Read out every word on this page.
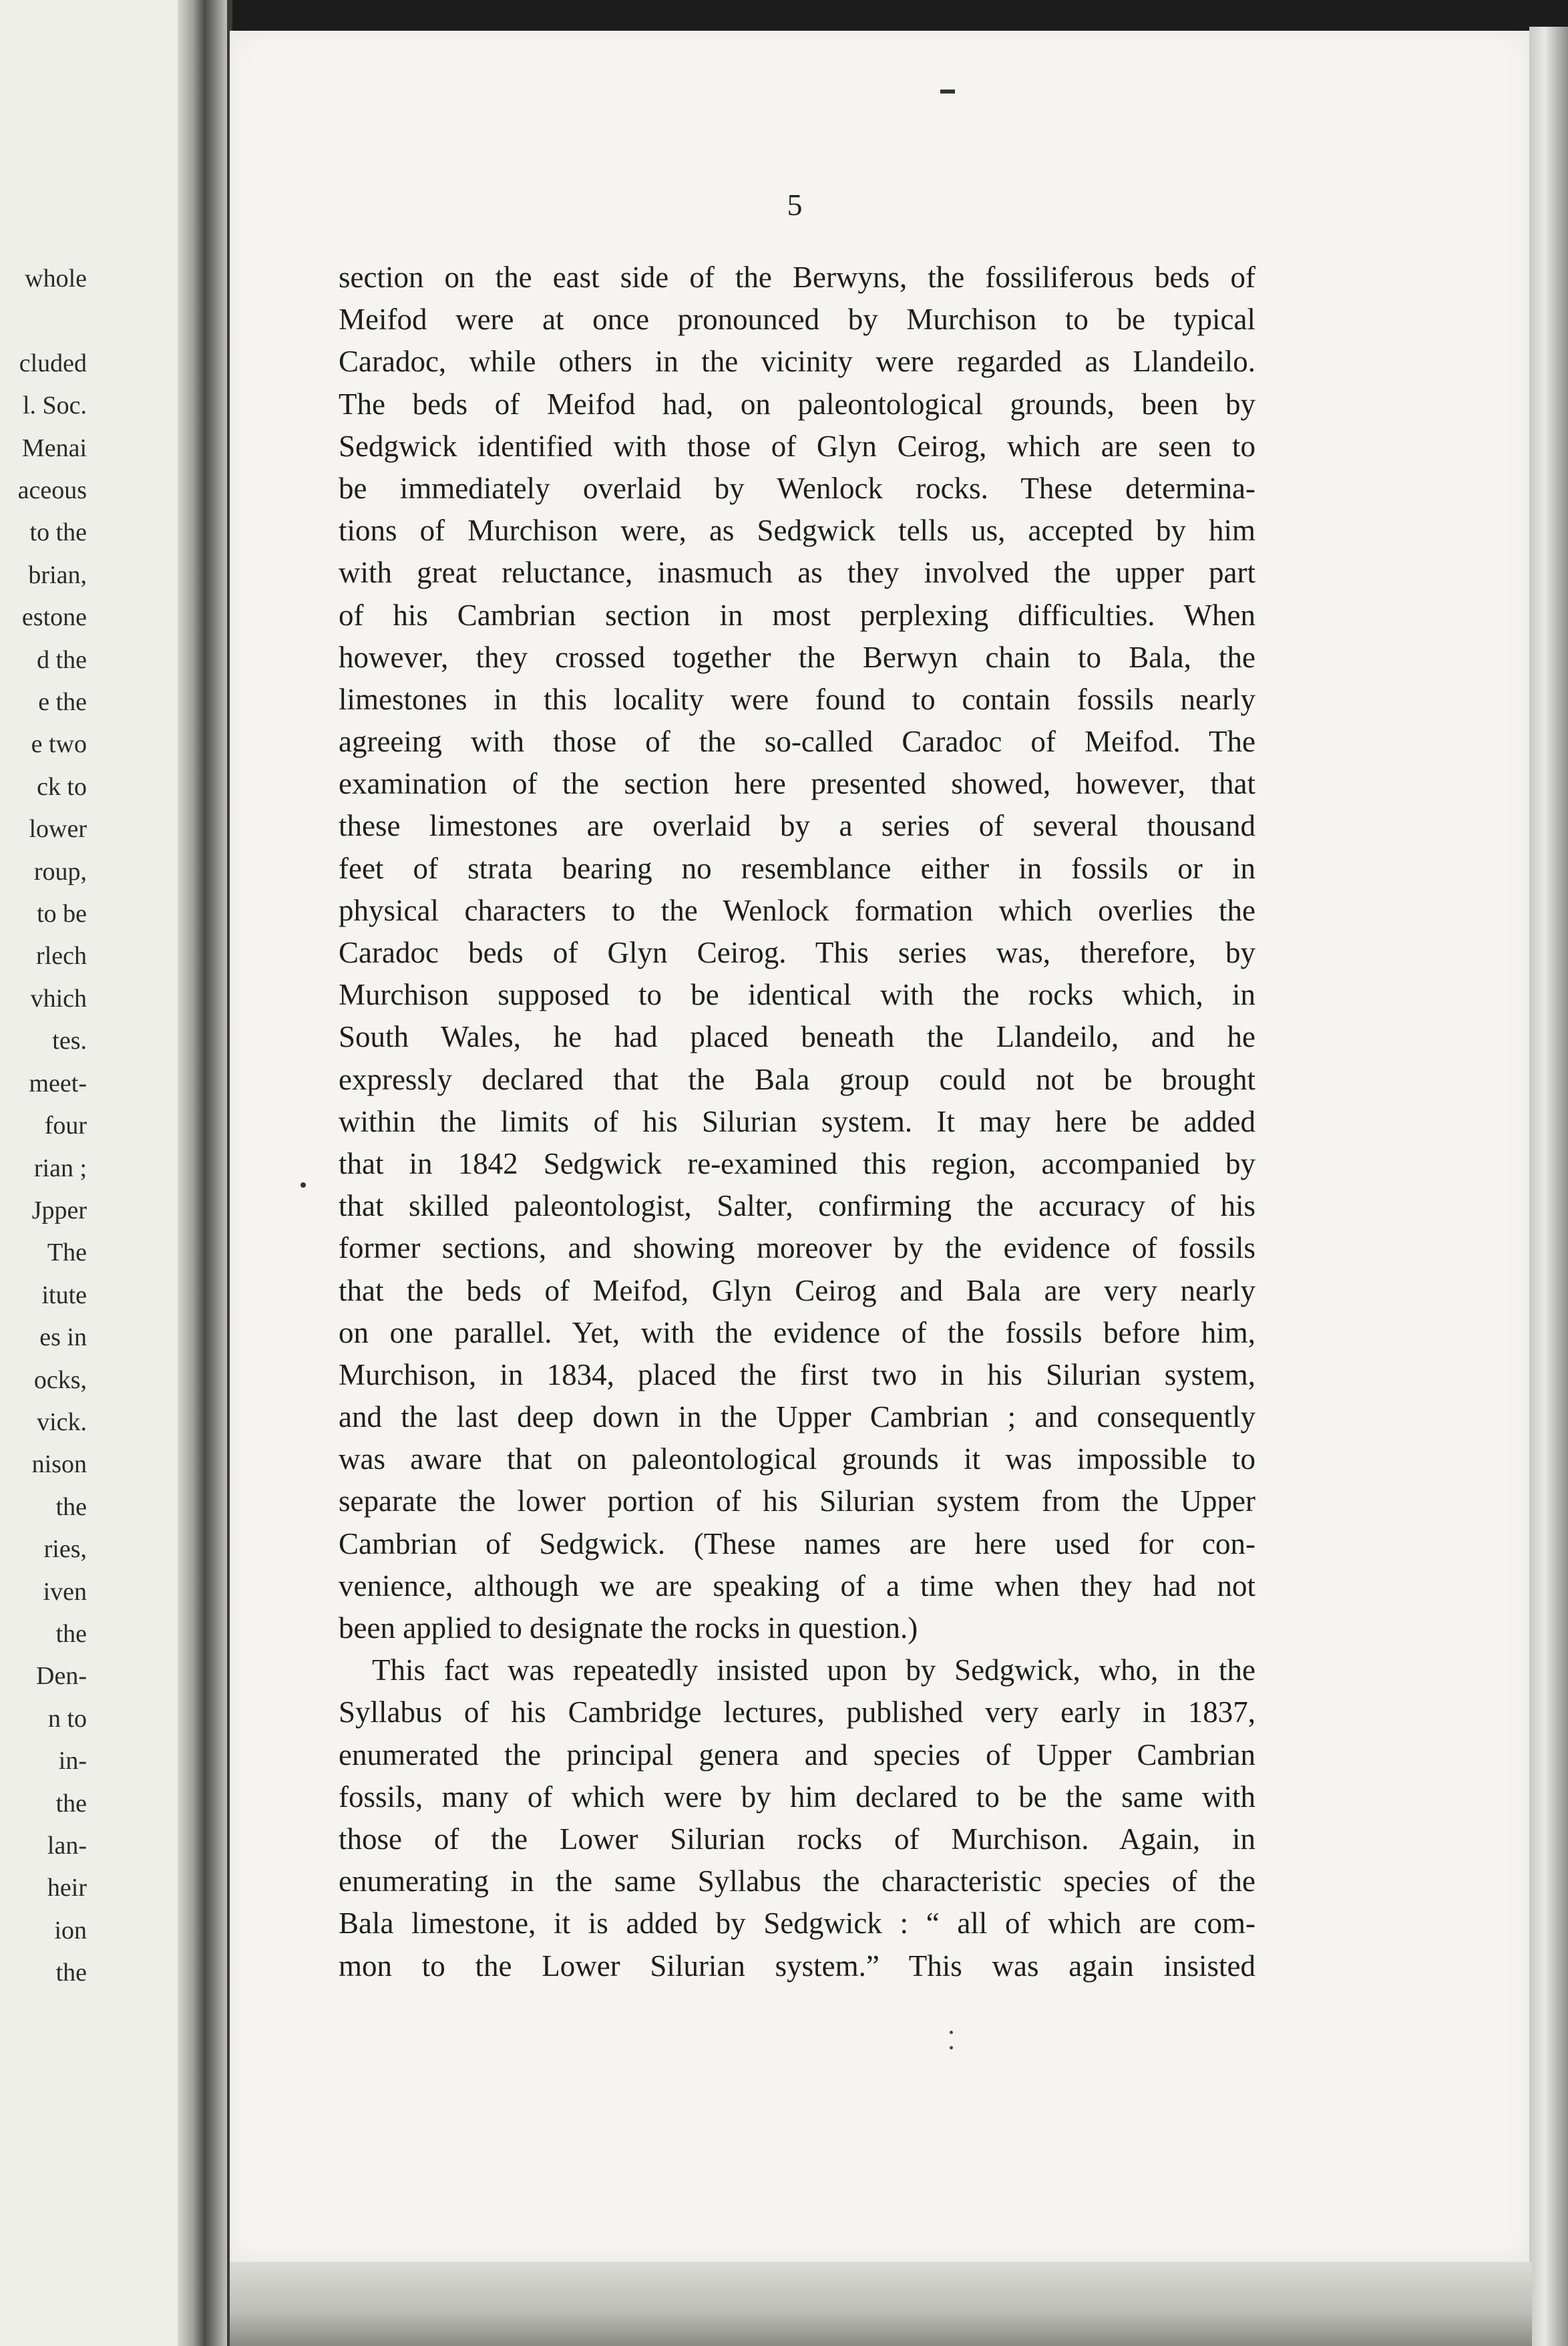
whole
cluded
l. Soc.
Menai
aceous
to the
brian,
estone
d the
e the
e two
ck to
lower
roup,
to be
rlech
vhich
tes.
meet-
four
rian ;
Jpper
The
itute
es in
ocks,
vick.
nison
the
ries,
iven
the
Den-
n to
in-
the
lan-
heir
ion
the
5
section on the east side of the Berwyns, the fossiliferous beds of
Meifod were at once pronounced by Murchison to be typical
Caradoc, while others in the vicinity were regarded as Llandeilo.
The beds of Meifod had, on paleontological grounds, been by
Sedgwick identified with those of Glyn Ceirog, which are seen to
be immediately overlaid by Wenlock rocks. These determina-
tions of Murchison were, as Sedgwick tells us, accepted by him
with great reluctance, inasmuch as they involved the upper part
of his Cambrian section in most perplexing difficulties. When
however, they crossed together the Berwyn chain to Bala, the
limestones in this locality were found to contain fossils nearly
agreeing with those of the so-called Caradoc of Meifod. The
examination of the section here presented showed, however, that
these limestones are overlaid by a series of several thousand
feet of strata bearing no resemblance either in fossils or in
physical characters to the Wenlock formation which overlies the
Caradoc beds of Glyn Ceirog. This series was, therefore, by
Murchison supposed to be identical with the rocks which, in
South Wales, he had placed beneath the Llandeilo, and he
expressly declared that the Bala group could not be brought
within the limits of his Silurian system. It may here be added
that in 1842 Sedgwick re-examined this region, accompanied by
that skilled paleontologist, Salter, confirming the accuracy of his
former sections, and showing moreover by the evidence of fossils
that the beds of Meifod, Glyn Ceirog and Bala are very nearly
on one parallel. Yet, with the evidence of the fossils before him,
Murchison, in 1834, placed the first two in his Silurian system,
and the last deep down in the Upper Cambrian ; and consequently
was aware that on paleontological grounds it was impossible to
separate the lower portion of his Silurian system from the Upper
Cambrian of Sedgwick. (These names are here used for con-
venience, although we are speaking of a time when they had not
been applied to designate the rocks in question.)
This fact was repeatedly insisted upon by Sedgwick, who, in the
Syllabus of his Cambridge lectures, published very early in 1837,
enumerated the principal genera and species of Upper Cambrian
fossils, many of which were by him declared to be the same with
those of the Lower Silurian rocks of Murchison. Again, in
enumerating in the same Syllabus the characteristic species of the
Bala limestone, it is added by Sedgwick : “ all of which are com-
mon to the Lower Silurian system.” This was again insisted
